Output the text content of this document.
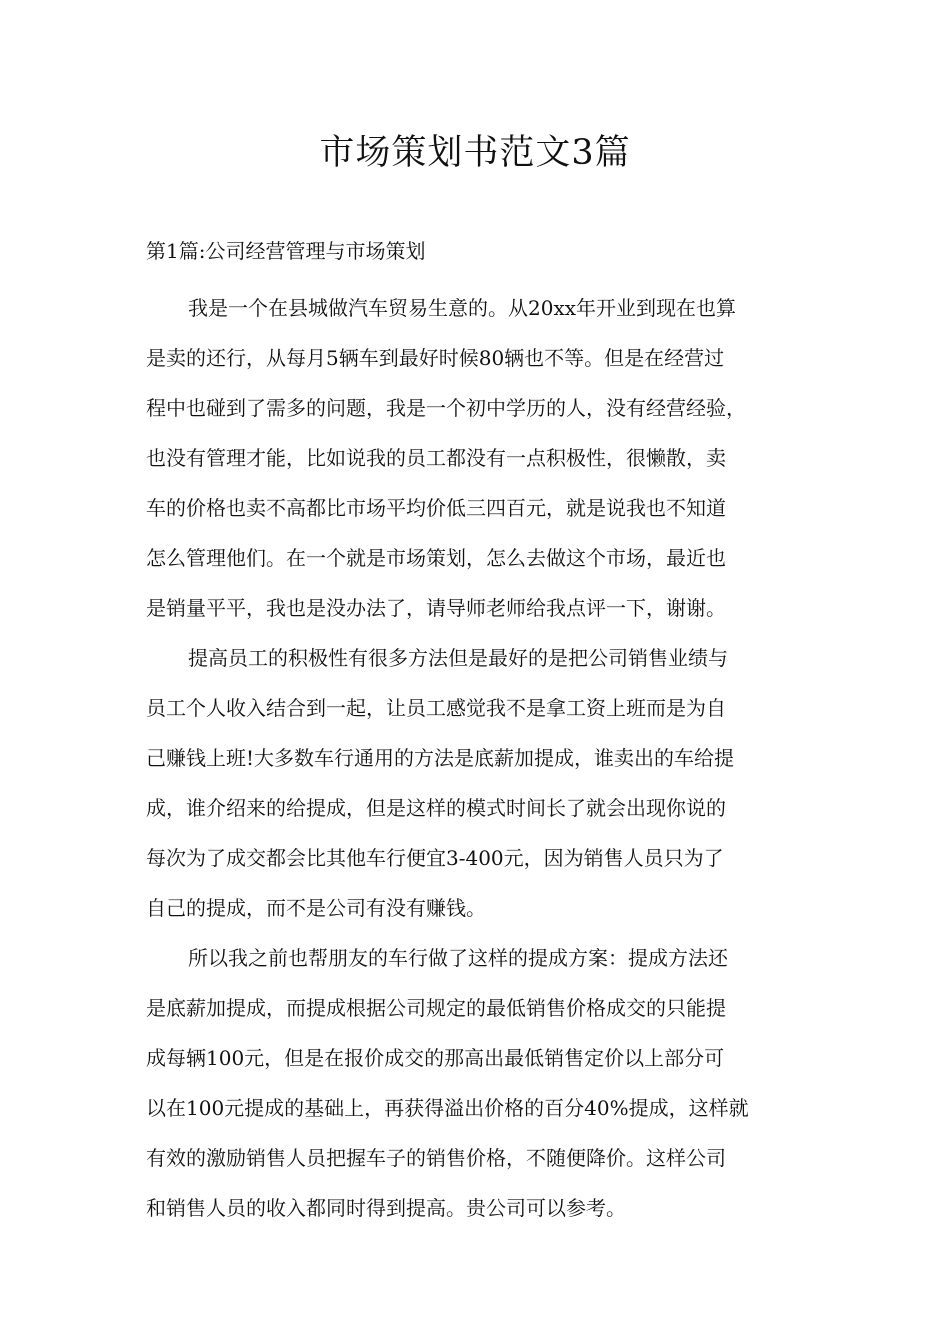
市场策划书范文3篇
第1篇:公司经营管理与市场策划

我是一个在县城做汽车贸易生意的。从20xx年开业到现在也算
是卖的还行，从每月5辆车到最好时候80辆也不等。但是在经营过
程中也碰到了需多的问题，我是一个初中学历的人，没有经营经验，
也没有管理才能，比如说我的员工都没有一点积极性，很懒散，卖
车的价格也卖不高都比市场平均价低三四百元，就是说我也不知道
怎么管理他们。在一个就是市场策划，怎么去做这个市场，最近也
是销量平平，我也是没办法了，请导师老师给我点评一下，谢谢。

提高员工的积极性有很多方法但是最好的是把公司销售业绩与
员工个人收入结合到一起，让员工感觉我不是拿工资上班而是为自
己赚钱上班!大多数车行通用的方法是底薪加提成，谁卖出的车给提
成，谁介绍来的给提成，但是这样的模式时间长了就会出现你说的
每次为了成交都会比其他车行便宜3-400元，因为销售人员只为了
自己的提成，而不是公司有没有赚钱。

所以我之前也帮朋友的车行做了这样的提成方案：提成方法还
是底薪加提成，而提成根据公司规定的最低销售价格成交的只能提
成每辆100元，但是在报价成交的那高出最低销售定价以上部分可
以在100元提成的基础上，再获得溢出价格的百分40%提成，这样就
有效的激励销售人员把握车子的销售价格，不随便降价。这样公司
和销售人员的收入都同时得到提高。贵公司可以参考。
